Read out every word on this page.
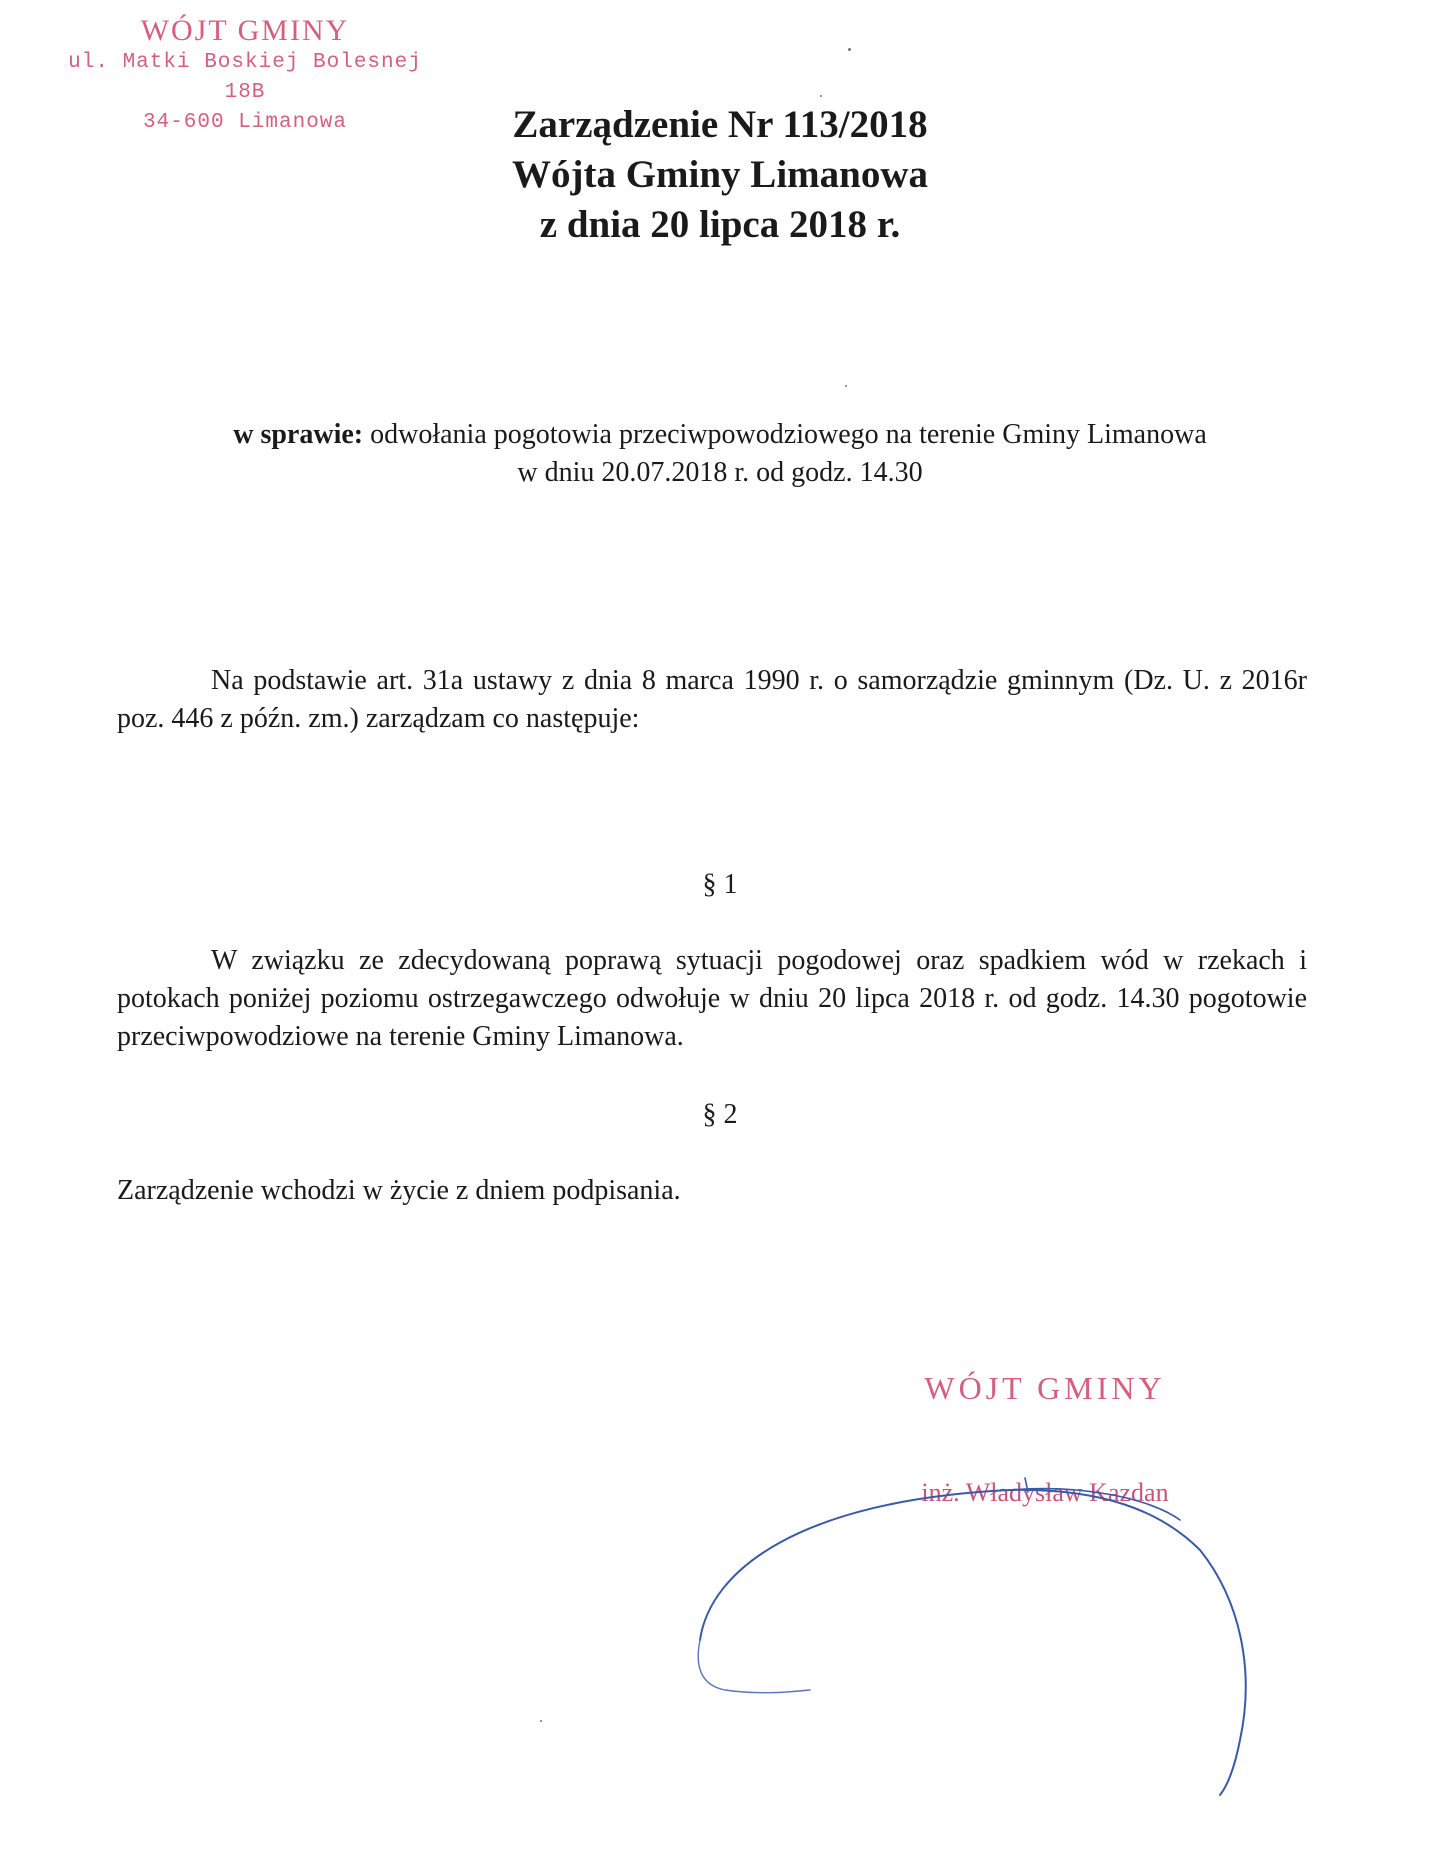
WÓJT GMINY
ul. Matki Boskiej Bolesnej 18B
34-600 Limanowa	Zarządzenie Nr 113/2018
Wójta Gminy Limanowa
z dnia 20 lipca 2018 r.
w sprawie: odwołania pogotowia przeciwpowodziowego na terenie Gminy Limanowa
w dniu 20.07.2018 r. od godz. 14.30
Na podstawie art. 31a ustawy z dnia 8 marca 1990 r. o samorządzie gminnym (Dz. U. z 2016r poz. 446 z późn. zm.) zarządzam co następuje:
§ 1
W związku ze zdecydowaną poprawą sytuacji pogodowej oraz spadkiem wód w rzekach i potokach poniżej poziomu ostrzegawczego odwołuje w dniu 20 lipca 2018 r. od godz. 14.30 pogotowie przeciwpowodziowe na terenie Gminy Limanowa.
§ 2
Zarządzenie wchodzi w życie z dniem podpisania.
WÓJT GMINY
inż. Władysław Kazdan
